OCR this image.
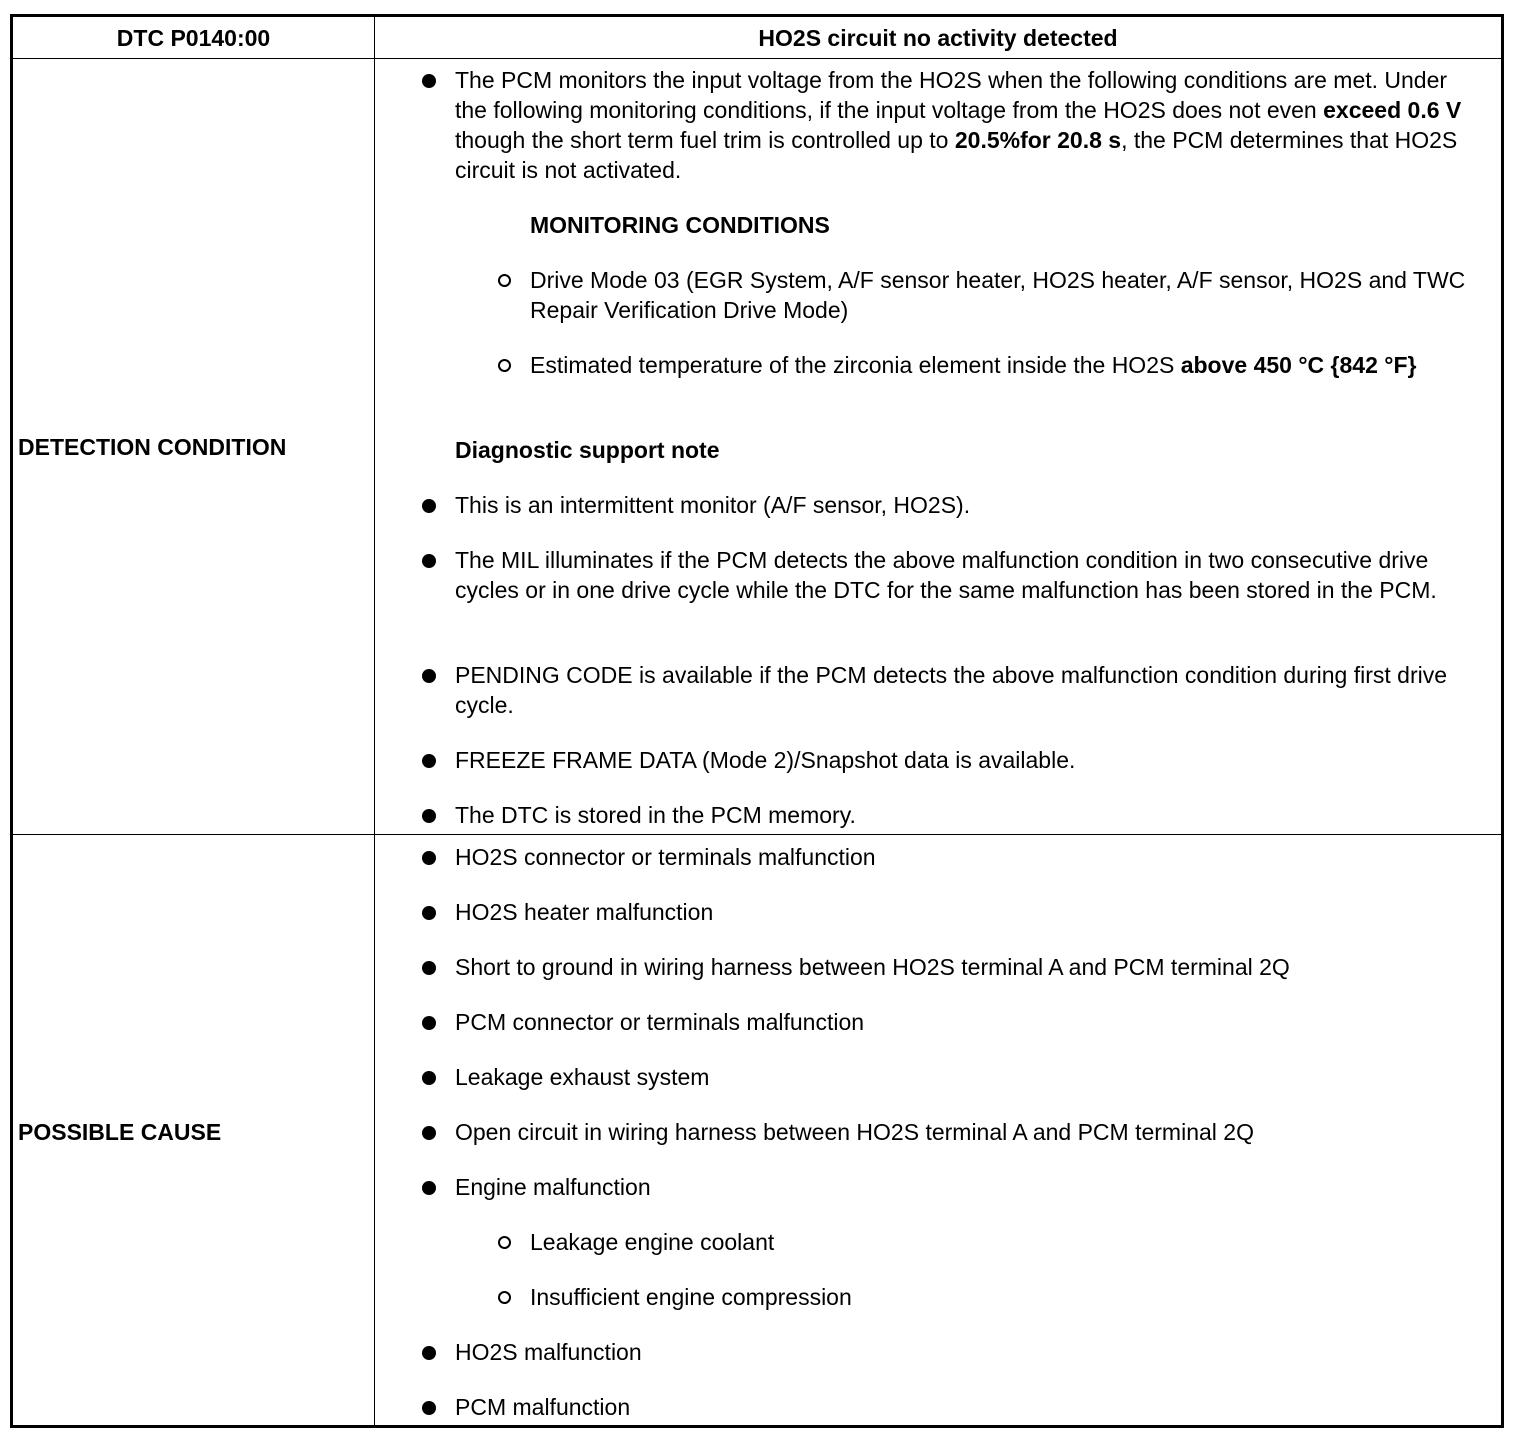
DTC P0140:00	HO2S circuit no activity detected
DETECTION CONDITION
The PCM monitors the input voltage from the HO2S when the following conditions are met. Under the following monitoring conditions, if the input voltage from the HO2S does not even exceed 0.6 V though the short term fuel trim is controlled up to 20.5%for 20.8 s, the PCM determines that HO2S circuit is not activated.
MONITORING CONDITIONS
Drive Mode 03 (EGR System, A/F sensor heater, HO2S heater, A/F sensor, HO2S and TWC Repair Verification Drive Mode)
Estimated temperature of the zirconia element inside the HO2S above 450 °C {842 °F}
Diagnostic support note
This is an intermittent monitor (A/F sensor, HO2S).
The MIL illuminates if the PCM detects the above malfunction condition in two consecutive drive cycles or in one drive cycle while the DTC for the same malfunction has been stored in the PCM.
PENDING CODE is available if the PCM detects the above malfunction condition during first drive cycle.
FREEZE FRAME DATA (Mode 2)/Snapshot data is available.
The DTC is stored in the PCM memory.
POSSIBLE CAUSE
HO2S connector or terminals malfunction
HO2S heater malfunction
Short to ground in wiring harness between HO2S terminal A and PCM terminal 2Q
PCM connector or terminals malfunction
Leakage exhaust system
Open circuit in wiring harness between HO2S terminal A and PCM terminal 2Q
Engine malfunction
Leakage engine coolant
Insufficient engine compression
HO2S malfunction
PCM malfunction
